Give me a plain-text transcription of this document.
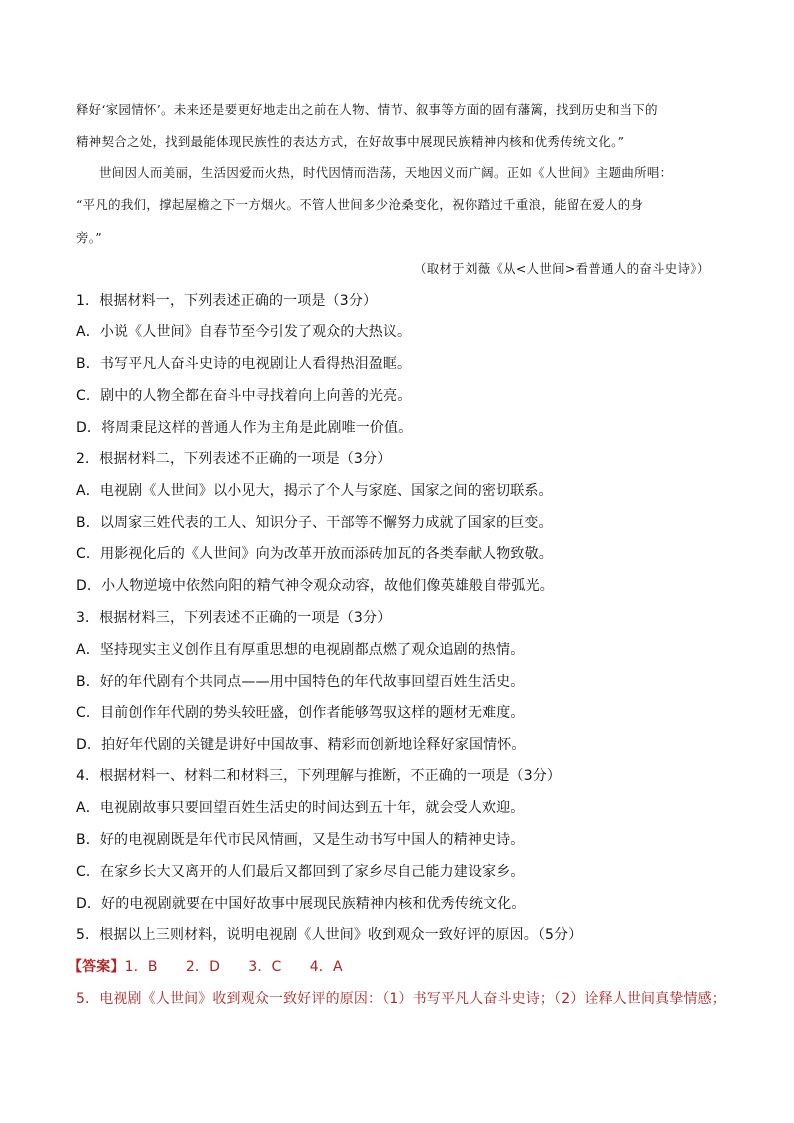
释好‘家园情怀’。未来还是要更好地走出之前在人物、情节、叙事等方面的固有藩篱，找到历史和当下的
精神契合之处，找到最能体现民族性的表达方式，在好故事中展现民族精神内核和优秀传统文化。”
世间因人而美丽，生活因爱而火热，时代因情而浩荡，天地因义而广阔。正如《人世间》主题曲所唱：
“平凡的我们，撑起屋檐之下一方烟火。不管人世间多少沧桑变化，祝你踏过千重浪，能留在爱人的身
旁。”
（取材于刘薇《从<人世间>看普通人的奋斗史诗》）
1．根据材料一，下列表述正确的一项是（3分）
A．小说《人世间》自春节至今引发了观众的大热议。
B．书写平凡人奋斗史诗的电视剧让人看得热泪盈眶。
C．剧中的人物全都在奋斗中寻找着向上向善的光亮。
D．将周秉昆这样的普通人作为主角是此剧唯一价值。
2．根据材料二，下列表述不正确的一项是（3分）
A．电视剧《人世间》以小见大，揭示了个人与家庭、国家之间的密切联系。
B．以周家三姓代表的工人、知识分子、干部等不懈努力成就了国家的巨变。
C．用影视化后的《人世间》向为改革开放而添砖加瓦的各类奉献人物致敬。
D．小人物逆境中依然向阳的精气神令观众动容，故他们像英雄般自带弧光。
3．根据材料三，下列表述不正确的一项是（3分）
A．坚持现实主义创作且有厚重思想的电视剧都点燃了观众追剧的热情。
B．好的年代剧有个共同点——用中国特色的年代故事回望百姓生活史。
C．目前创作年代剧的势头较旺盛，创作者能够驾驭这样的题材无难度。
D．拍好年代剧的关键是讲好中国故事、精彩而创新地诠释好家国情怀。
4．根据材料一、材料二和材料三，下列理解与推断，不正确的一项是（3分）
A．电视剧故事只要回望百姓生活史的时间达到五十年，就会受人欢迎。
B．好的电视剧既是年代市民风情画，又是生动书写中国人的精神史诗。
C．在家乡长大又离开的人们最后又都回到了家乡尽自己能力建设家乡。
D．好的电视剧就要在中国好故事中展现民族精神内核和优秀传统文化。
5．根据以上三则材料，说明电视剧《人世间》收到观众一致好评的原因。（5分）
【答案】1．B　　2．D　　3．C　　4．A
5．电视剧《人世间》收到观众一致好评的原因：（1）书写平凡人奋斗史诗；（2）诠释人世间真挚情感；
